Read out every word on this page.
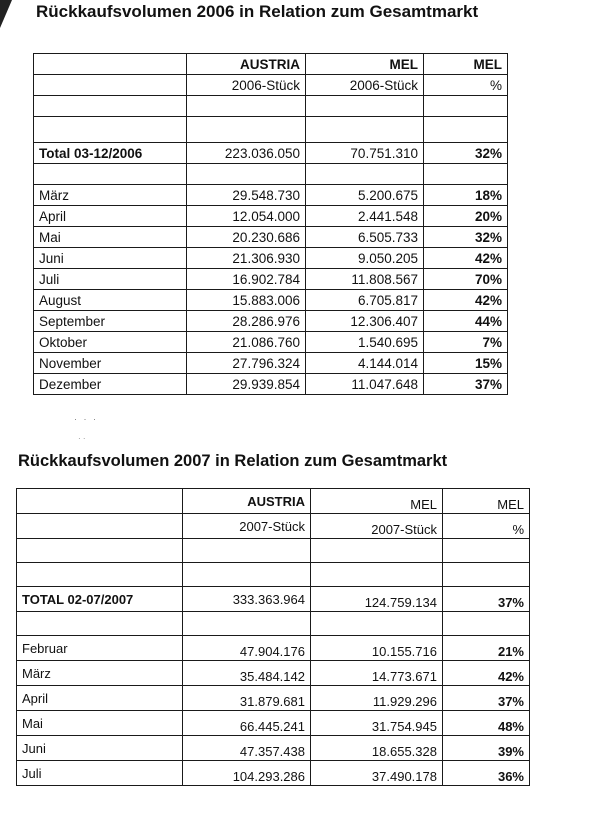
Rückkaufsvolumen 2006 in Relation zum Gesamtmarkt
	AUSTRIA	MEL	MEL
	2006-Stück	2006-Stück	%

Total 03-12/2006	223.036.050	70.751.310	32%

März	29.548.730	5.200.675	18%
April	12.054.000	2.441.548	20%
Mai	20.230.686	6.505.733	32%
Juni	21.306.930	9.050.205	42%
Juli	16.902.784	11.808.567	70%
August	15.883.006	6.705.817	42%
September	28.286.976	12.306.407	44%
Oktober	21.086.760	1.540.695	7%
November	27.796.324	4.144.014	15%
Dezember	29.939.854	11.047.648	37%
· · ·
· ·
Rückkaufsvolumen 2007 in Relation zum Gesamtmarkt
	AUSTRIA	MEL	MEL
	2007-Stück	2007-Stück	%

TOTAL 02-07/2007	333.363.964	124.759.134	37%

Februar	47.904.176	10.155.716	21%
März	35.484.142	14.773.671	42%
April	31.879.681	11.929.296	37%
Mai	66.445.241	31.754.945	48%
Juni	47.357.438	18.655.328	39%
Juli	104.293.286	37.490.178	36%
